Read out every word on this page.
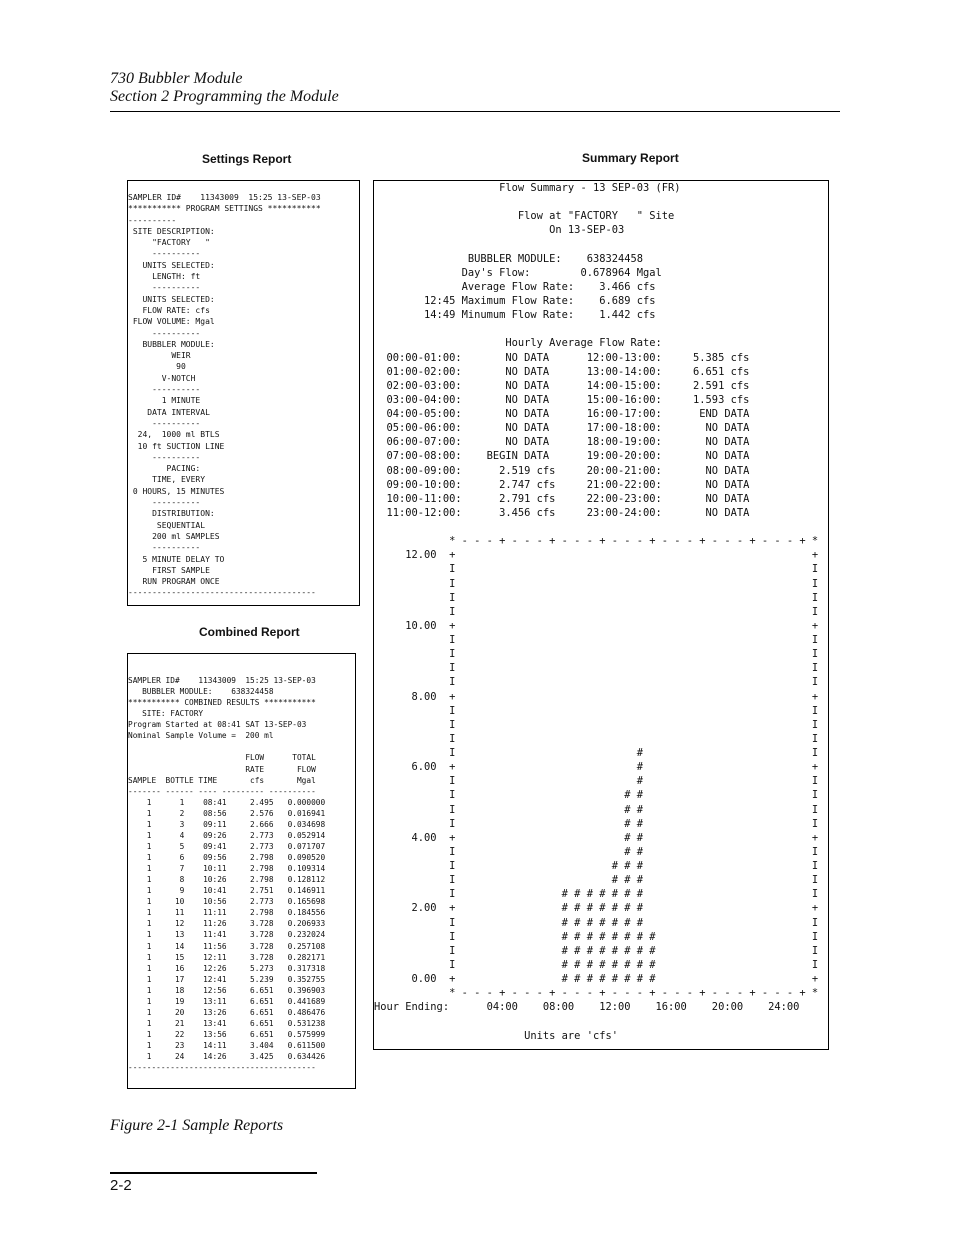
730 Bubbler Module
Section 2 Programming the Module
Settings Report	Summary Report
Combined Report
SAMPLER ID#    11343009  15:25 13-SEP-03
*********** PROGRAM SETTINGS ***********
----------
SITE DESCRIPTION:
"FACTORY   "
----------
UNITS SELECTED:
LENGTH: ft
----------
UNITS SELECTED:
FLOW RATE: cfs
FLOW VOLUME: Mgal
----------
BUBBLER MODULE:
WEIR
90
V-NOTCH
----------
1 MINUTE
DATA INTERVAL
----------
24,  1000 ml BTLS
10 ft SUCTION LINE
----------
PACING:
TIME, EVERY
0 HOURS, 15 MINUTES
----------
DISTRIBUTION:
SEQUENTIAL
200 ml SAMPLES
----------
5 MINUTE DELAY TO
FIRST SAMPLE
RUN PROGRAM ONCE
---------------------------------------
SAMPLER ID#    11343009  15:25 13-SEP-03
BUBBLER MODULE:    638324458
*********** COMBINED RESULTS ***********
SITE: FACTORY
Program Started at 08:41 SAT 13-SEP-03
Nominal Sample Volume =  200 ml

FLOW      TOTAL
RATE       FLOW
SAMPLE  BOTTLE TIME       cfs       Mgal
------- ------ ---- --------- ----------
1      1    08:41     2.495   0.000000
1      2    08:56     2.576   0.016941
1      3    09:11     2.666   0.034698
1      4    09:26     2.773   0.052914
1      5    09:41     2.773   0.071707
1      6    09:56     2.798   0.090520
1      7    10:11     2.798   0.109314
1      8    10:26     2.798   0.128112
1      9    10:41     2.751   0.146911
1     10    10:56     2.773   0.165698
1     11    11:11     2.798   0.184556
1     12    11:26     3.728   0.206933
1     13    11:41     3.728   0.232024
1     14    11:56     3.728   0.257108
1     15    12:11     3.728   0.282171
1     16    12:26     5.273   0.317318
1     17    12:41     5.239   0.352755
1     18    12:56     6.651   0.396903
1     19    13:11     6.651   0.441689
1     20    13:26     6.651   0.486476
1     21    13:41     6.651   0.531238
1     22    13:56     6.651   0.575999
1     23    14:11     3.404   0.611500
1     24    14:26     3.425   0.634426
----------------------------------------
Flow Summary - 13 SEP-03 (FR)

Flow at "FACTORY   " Site
On 13-SEP-03

BUBBLER MODULE:    638324458
Day's Flow:        0.678964 Mgal
Average Flow Rate:    3.466 cfs
12:45 Maximum Flow Rate:    6.689 cfs
14:49 Minumum Flow Rate:    1.442 cfs

Hourly Average Flow Rate:
00:00-01:00:       NO DATA      12:00-13:00:     5.385 cfs
01:00-02:00:       NO DATA      13:00-14:00:     6.651 cfs
02:00-03:00:       NO DATA      14:00-15:00:     2.591 cfs
03:00-04:00:       NO DATA      15:00-16:00:     1.593 cfs
04:00-05:00:       NO DATA      16:00-17:00:      END DATA
05:00-06:00:       NO DATA      17:00-18:00:       NO DATA
06:00-07:00:       NO DATA      18:00-19:00:       NO DATA
07:00-08:00:    BEGIN DATA      19:00-20:00:       NO DATA
08:00-09:00:      2.519 cfs     20:00-21:00:       NO DATA
09:00-10:00:      2.747 cfs     21:00-22:00:       NO DATA
10:00-11:00:      2.791 cfs     22:00-23:00:       NO DATA
11:00-12:00:      3.456 cfs     23:00-24:00:       NO DATA

* - - - + - - - + - - - + - - - + - - - + - - - + - - - + *
12.00  +                                                         +
I                                                         I
I                                                         I
I                                                         I
I                                                         I
10.00  +                                                         +
I                                                         I
I                                                         I
I                                                         I
I                                                         I
8.00  +                                                         +
I                                                         I
I                                                         I
I                                                         I
I                             #                           I
6.00  +                             #                           +
I                             #                           I
I                           # #                           I
I                           # #                           I
I                           # #                           I
4.00  +                           # #                           +
I                           # #                           I
I                         # # #                           I
I                         # # #                           I
I                 # # # # # # #                           I
2.00  +                 # # # # # # #                           +
I                 # # # # # # #                           I
I                 # # # # # # # #                         I
I                 # # # # # # # #                         I
I                 # # # # # # # #                         I
0.00  +                 # # # # # # # #                         +
* - - - + - - - + - - - + - - - + - - - + - - - + - - - + *
Hour Ending:      04:00    08:00    12:00    16:00    20:00    24:00

Units are 'cfs'
Figure 2-1 Sample Reports
2-2
